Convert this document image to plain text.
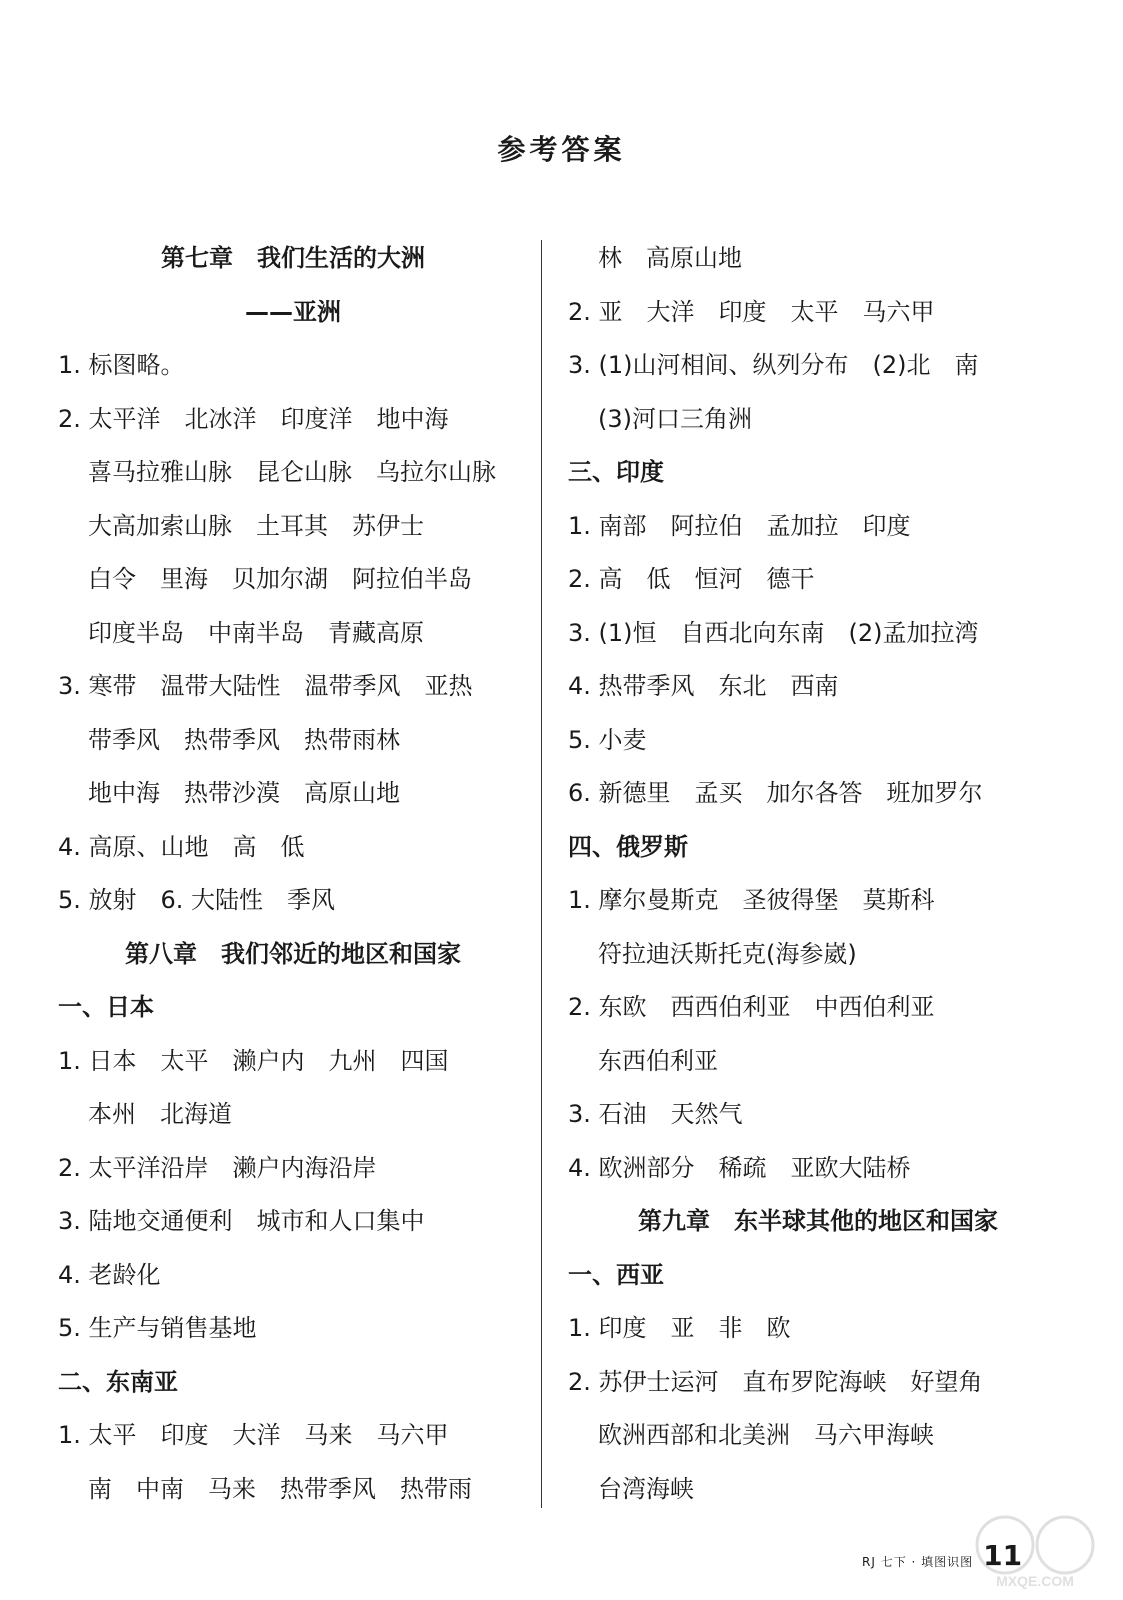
参考答案
第七章　我们生活的大洲
——亚洲
1. 标图略。
2. 太平洋　北冰洋　印度洋　地中海
喜马拉雅山脉　昆仑山脉　乌拉尔山脉
大高加索山脉　土耳其　苏伊士
白令　里海　贝加尔湖　阿拉伯半岛
印度半岛　中南半岛　青藏高原
3. 寒带　温带大陆性　温带季风　亚热
带季风　热带季风　热带雨林
地中海　热带沙漠　高原山地
4. 高原、山地　高　低
5. 放射　6. 大陆性　季风
第八章　我们邻近的地区和国家
一、日本
1. 日本　太平　濑户内　九州　四国
本州　北海道
2. 太平洋沿岸　濑户内海沿岸
3. 陆地交通便利　城市和人口集中
4. 老龄化
5. 生产与销售基地
二、东南亚
1. 太平　印度　大洋　马来　马六甲
南　中南　马来　热带季风　热带雨
林　高原山地
2. 亚　大洋　印度　太平　马六甲
3. (1)山河相间、纵列分布　(2)北　南
(3)河口三角洲
三、印度
1. 南部　阿拉伯　孟加拉　印度
2. 高　低　恒河　德干
3. (1)恒　自西北向东南　(2)孟加拉湾
4. 热带季风　东北　西南
5. 小麦
6. 新德里　孟买　加尔各答　班加罗尔
四、俄罗斯
1. 摩尔曼斯克　圣彼得堡　莫斯科
符拉迪沃斯托克(海参崴)
2. 东欧　西西伯利亚　中西伯利亚
东西伯利亚
3. 石油　天然气
4. 欧洲部分　稀疏　亚欧大陆桥
第九章　东半球其他的地区和国家
一、西亚
1. 印度　亚　非　欧
2. 苏伊士运河　直布罗陀海峡　好望角
欧洲西部和北美洲　马六甲海峡
台湾海峡
RJ 七下 · 填图识图 11
MXQE.COM
